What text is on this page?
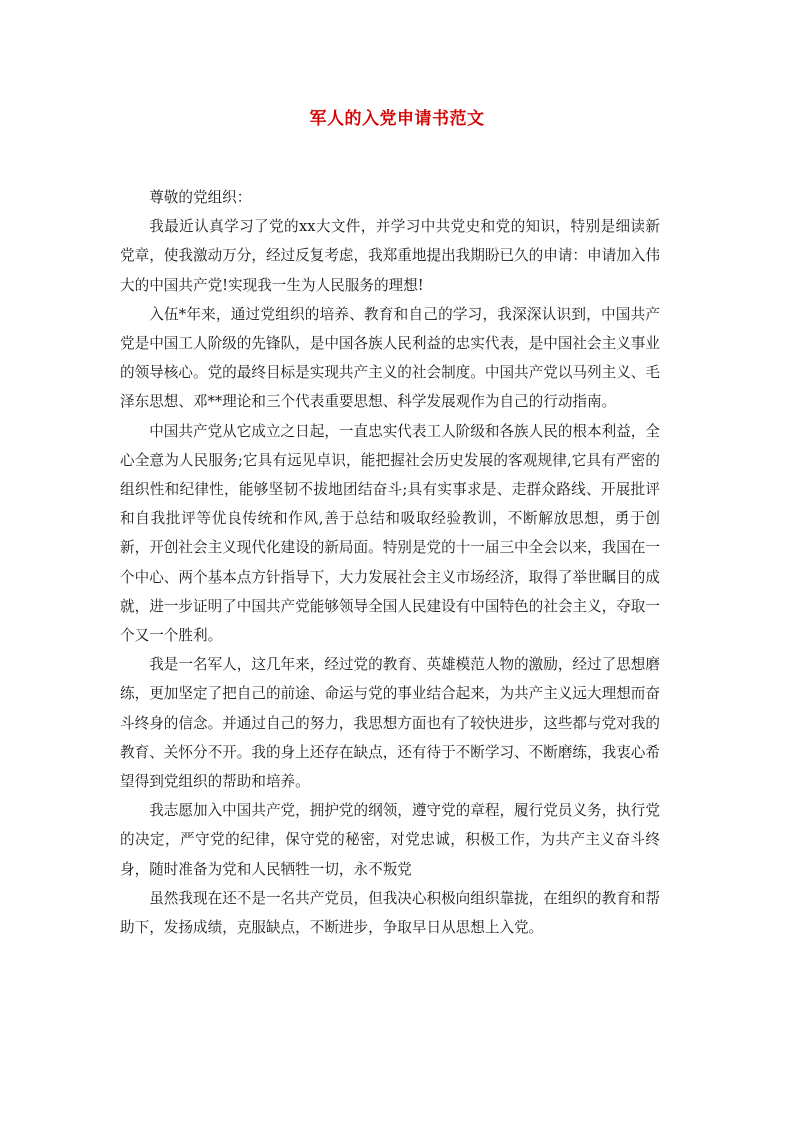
军人的入党申请书范文

尊敬的党组织：

我最近认真学习了党的xx大文件，并学习中共党史和党的知识，特别是细读新党章，使我激动万分，经过反复考虑，我郑重地提出我期盼已久的申请：申请加入伟大的中国共产党!实现我一生为人民服务的理想!

入伍*年来，通过党组织的培养、教育和自己的学习，我深深认识到，中国共产党是中国工人阶级的先锋队，是中国各族人民利益的忠实代表，是中国社会主义事业的领导核心。党的最终目标是实现共产主义的社会制度。中国共产党以马列主义、毛泽东思想、邓**理论和三个代表重要思想、科学发展观作为自己的行动指南。

中国共产党从它成立之日起，一直忠实代表工人阶级和各族人民的根本利益，全心全意为人民服务;它具有远见卓识，能把握社会历史发展的客观规律,它具有严密的组织性和纪律性，能够坚韧不拔地团结奋斗;具有实事求是、走群众路线、开展批评和自我批评等优良传统和作风,善于总结和吸取经验教训，不断解放思想，勇于创新，开创社会主义现代化建设的新局面。特别是党的十一届三中全会以来，我国在一个中心、两个基本点方针指导下，大力发展社会主义市场经济，取得了举世瞩目的成就，进一步证明了中国共产党能够领导全国人民建设有中国特色的社会主义，夺取一个又一个胜利。

我是一名军人，这几年来，经过党的教育、英雄模范人物的激励，经过了思想磨练，更加坚定了把自己的前途、命运与党的事业结合起来，为共产主义远大理想而奋斗终身的信念。并通过自己的努力，我思想方面也有了较快进步，这些都与党对我的教育、关怀分不开。我的身上还存在缺点，还有待于不断学习、不断磨练，我衷心希望得到党组织的帮助和培养。

我志愿加入中国共产党，拥护党的纲领，遵守党的章程，履行党员义务，执行党的决定，严守党的纪律，保守党的秘密，对党忠诚，积极工作，为共产主义奋斗终身，随时准备为党和人民牺牲一切，永不叛党

虽然我现在还不是一名共产党员，但我决心积极向组织靠拢，在组织的教育和帮助下，发扬成绩，克服缺点，不断进步，争取早日从思想上入党。
